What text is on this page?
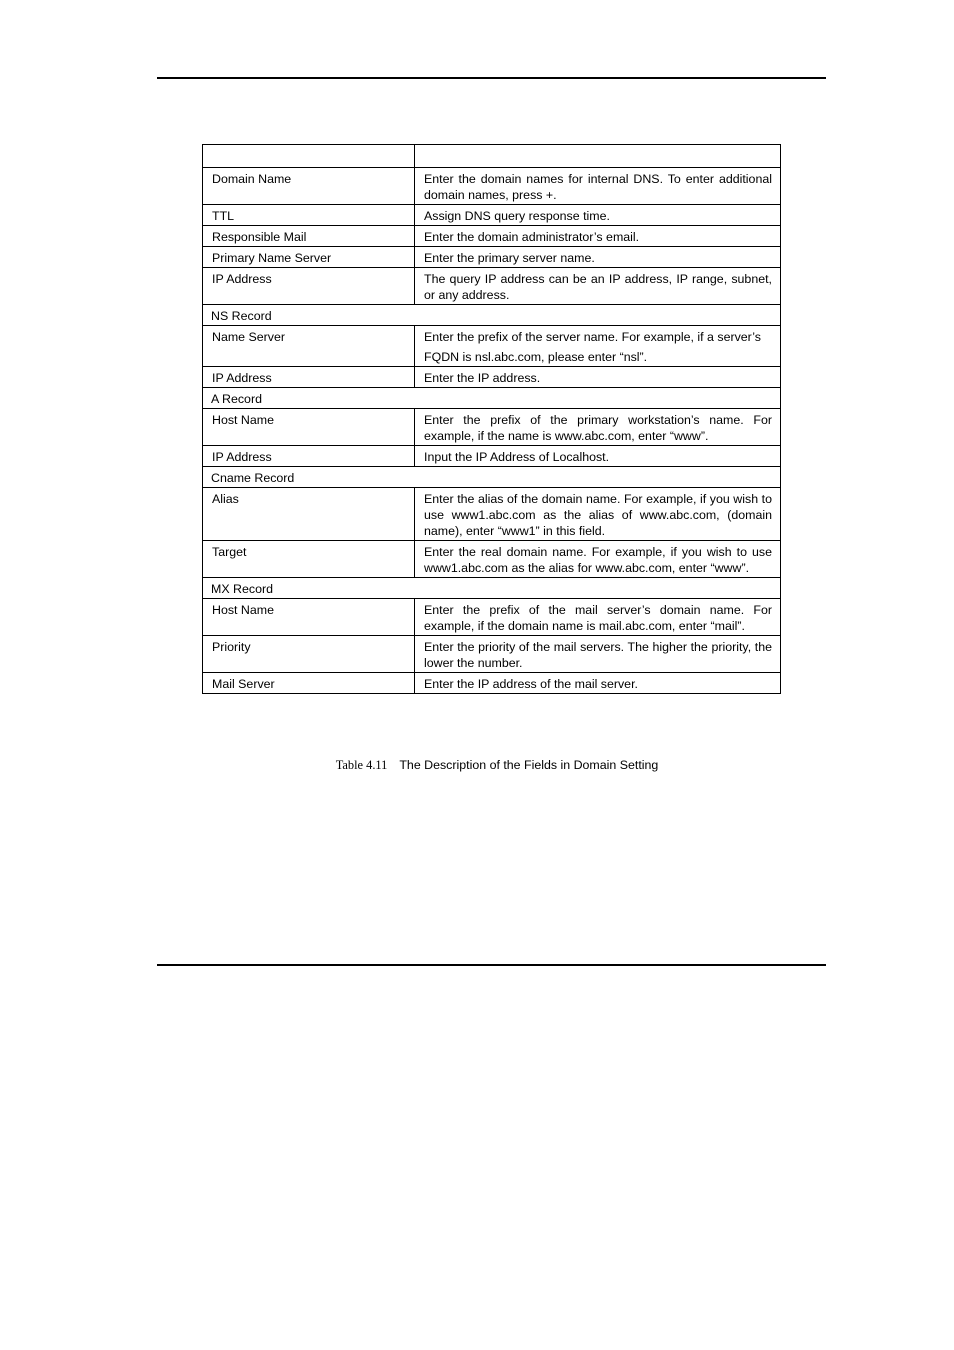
Domain Name	Enter the domain names for internal DNS. To enter additional domain names, press +.

TTL	Assign DNS query response time.

Responsible Mail	Enter the domain administrator’s email.

Primary Name Server	Enter the primary server name.

IP Address	The query IP address can be an IP address, IP range, subnet, or any address.

NS Record	
Name Server	Enter the prefix of the server name. For example, if a server’s

FQDN is nsl.abc.com, please enter “nsl”.

IP Address	Enter the IP address.

A Record	
Host Name	Enter the prefix of the primary workstation’s name. For example, if the name is www.abc.com, enter “www”.

IP Address	Input the IP Address of Localhost.

Cname Record	
Alias	Enter the alias of the domain name. For example, if you wish to use www1.abc.com as the alias of www.abc.com, (domain name), enter “www1” in this field.

Target	Enter the real domain name. For example, if you wish to use www1.abc.com as the alias for www.abc.com, enter “www”.

MX Record	
Host Name	Enter the prefix of the mail server’s domain name. For example, if the domain name is mail.abc.com, enter “mail”.

Priority	Enter the priority of the mail servers. The higher the priority, the lower the number.

Mail Server	Enter the IP address of the mail server.

Table 4.11 The Description of the Fields in Domain Setting
